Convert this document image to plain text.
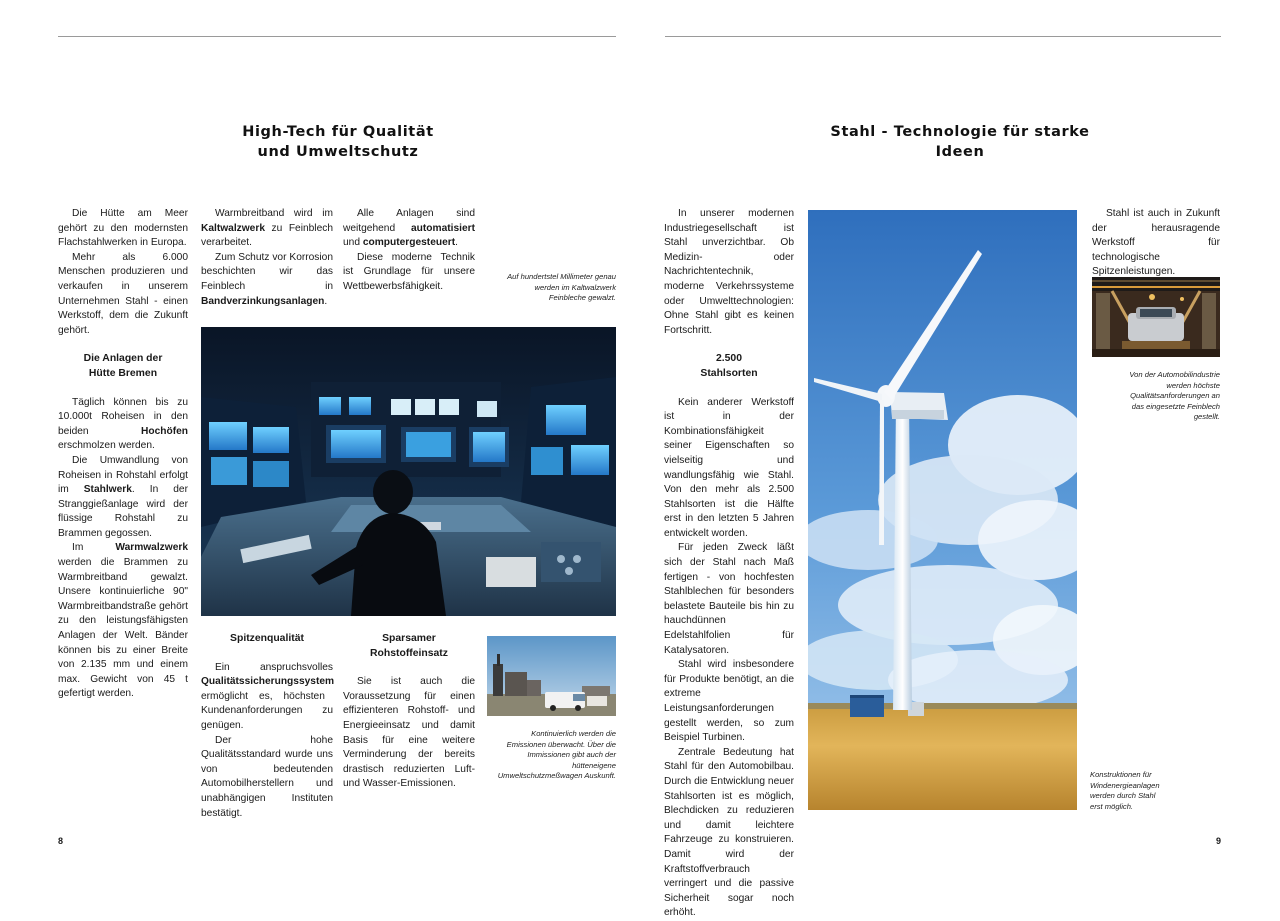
High-Tech für Qualität
und Umweltschutz

Die Hütte am Meer gehört zu den modernsten Flachstahlwerken in Europa.

Mehr als 6.000 Menschen produzieren und verkaufen in unserem Unternehmen Stahl - einen Werkstoff, dem die Zukunft gehört.

Die Anlagen der
Hütte Bremen

Täglich können bis zu 10.000t Roheisen in den beiden Hochöfen erschmolzen werden.

Die Umwandlung von Roheisen in Rohstahl erfolgt im Stahlwerk. In der Stranggießanlage wird der flüssige Rohstahl zu Brammen gegossen.

Im Warmwalzwerk werden die Brammen zu Warmbreitband gewalzt. Unsere kontinuierliche 90" Warmbreitbandstraße gehört zu den leistungsfähigsten Anlagen der Welt. Bänder können bis zu einer Breite von 2.135 mm und einem max. Gewicht von 45 t gefertigt werden.

Warmbreitband wird im Kaltwalzwerk zu Feinblech verarbeitet.

Zum Schutz vor Korrosion beschichten wir das Feinblech in Bandverzinkungsanlagen.

Alle Anlagen sind weitgehend automatisiert und computergesteuert.

Diese moderne Technik ist Grundlage für unsere Wettbewerbsfähigkeit.

Auf hundertstel Millimeter genau werden im Kaltwalzwerk Feinbleche gewalzt.
Spitzenqualität

Ein anspruchsvolles Qualitätssicherungssystem ermöglicht es, höchsten Kundenanforderungen zu genügen.

Der hohe Qualitätsstandard wurde uns von bedeutenden Automobilherstellern und unabhängigen Instituten bestätigt.

Sparsamer
Rohstoffeinsatz

Sie ist auch die Voraussetzung für einen effizienteren Rohstoff- und Energieeinsatz und damit Basis für eine weitere Verminderung der bereits drastisch reduzierten Luft- und Wasser-Emissionen.

Kontinuierlich werden die Emissionen überwacht. Über die Immissionen gibt auch der hütteneigene Umweltschutzmeßwagen Auskunft.
8
Stahl - Technologie für starke
Ideen

In unserer modernen Industriegesellschaft ist Stahl unverzichtbar. Ob Medizin- oder Nachrichtentechnik, moderne Verkehrssysteme oder Umwelttechnologien: Ohne Stahl gibt es keinen Fortschritt.

2.500
Stahlsorten

Kein anderer Werkstoff ist in der Kombinationsfähigkeit seiner Eigenschaften so vielseitig und wandlungsfähig wie Stahl. Von den mehr als 2.500 Stahlsorten ist die Hälfte erst in den letzten 5 Jahren entwickelt worden.

Für jeden Zweck läßt sich der Stahl nach Maß fertigen - von hochfesten Stahlblechen für besonders belastete Bauteile bis hin zu hauchdünnen Edelstahlfolien für Katalysatoren.

Stahl wird insbesondere für Produkte benötigt, an die extreme Leistungsanforderungen gestellt werden, so zum Beispiel Turbinen.

Zentrale Bedeutung hat Stahl für den Automobilbau. Durch die Entwicklung neuer Stahlsorten ist es möglich, Blechdicken zu reduzieren und damit leichtere Fahrzeuge zu konstruieren. Damit wird der Kraftstoffverbrauch verringert und die passive Sicherheit sogar noch erhöht.

Stahl ist auch in Zukunft der herausragende Werkstoff für technologische Spitzenleistungen.

Von der Automobilindustrie werden höchste Qualitätsanforderungen an das eingesetzte Feinblech gestellt.
Konstruktionen für Windenergieanlagen werden durch Stahl erst möglich.
9
